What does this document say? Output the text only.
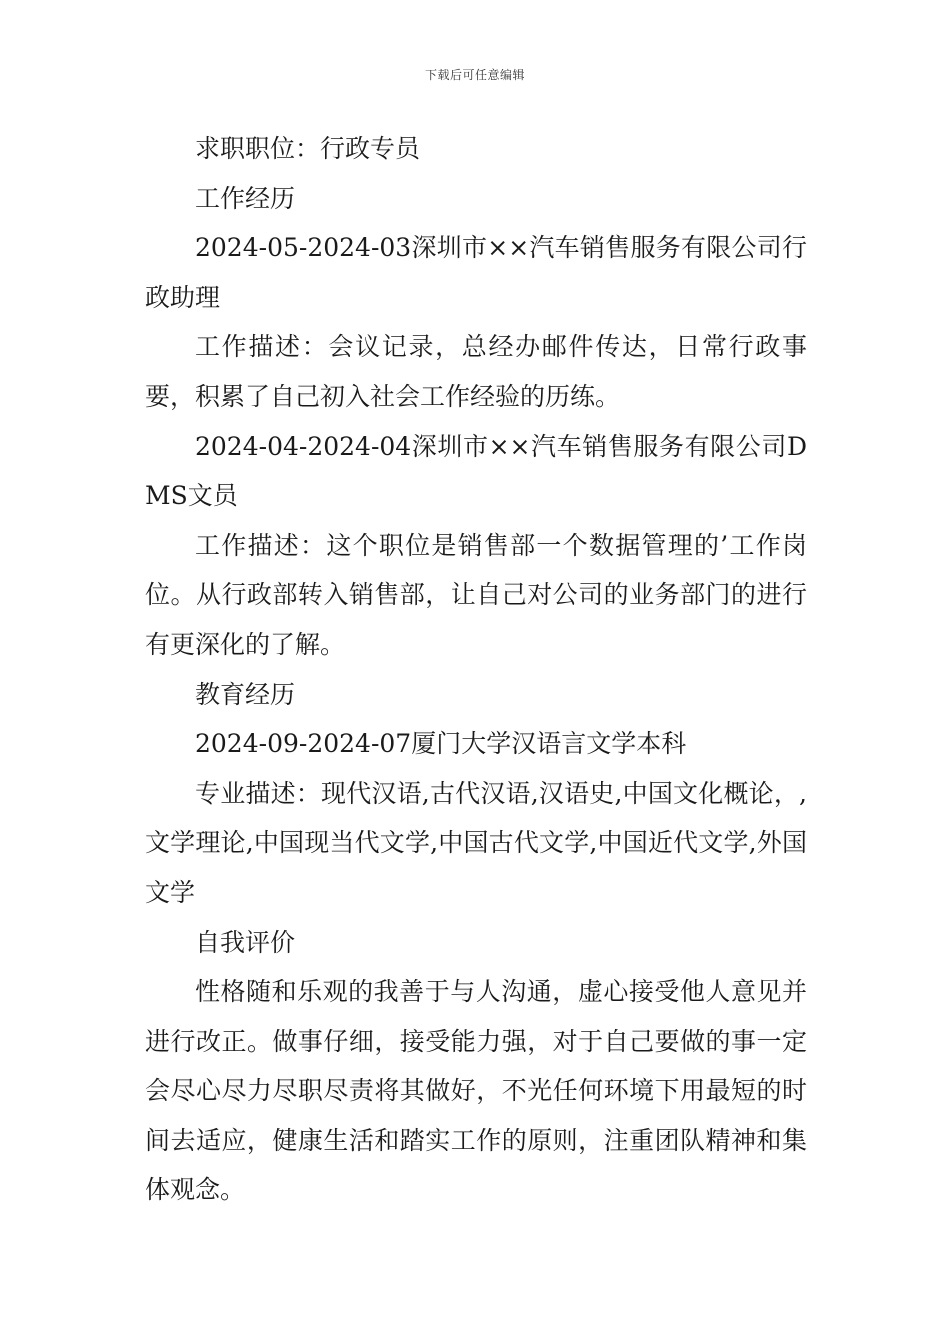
下载后可任意编辑

求职职位：行政专员

工作经历

2024-05-2024-03深圳市××汽车销售服务有限公司行政助理

工作描述：会议记录，总经办邮件传达，日常行政事要，积累了自己初入社会工作经验的历练。

2024-04-2024-04深圳市××汽车销售服务有限公司DMS文员

工作描述：这个职位是销售部一个数据管理的’工作岗位。从行政部转入销售部，让自己对公司的业务部门的进行有更深化的了解。

教育经历

2024-09-2024-07厦门大学汉语言文学本科

专业描述：现代汉语,古代汉语,汉语史,中国文化概论，,文学理论,中国现当代文学,中国古代文学,中国近代文学,外国文学

自我评价

性格随和乐观的我善于与人沟通，虚心接受他人意见并进行改正。做事仔细，接受能力强，对于自己要做的事一定会尽心尽力尽职尽责将其做好，不光任何环境下用最短的时间去适应，健康生活和踏实工作的原则，注重团队精神和集体观念。
